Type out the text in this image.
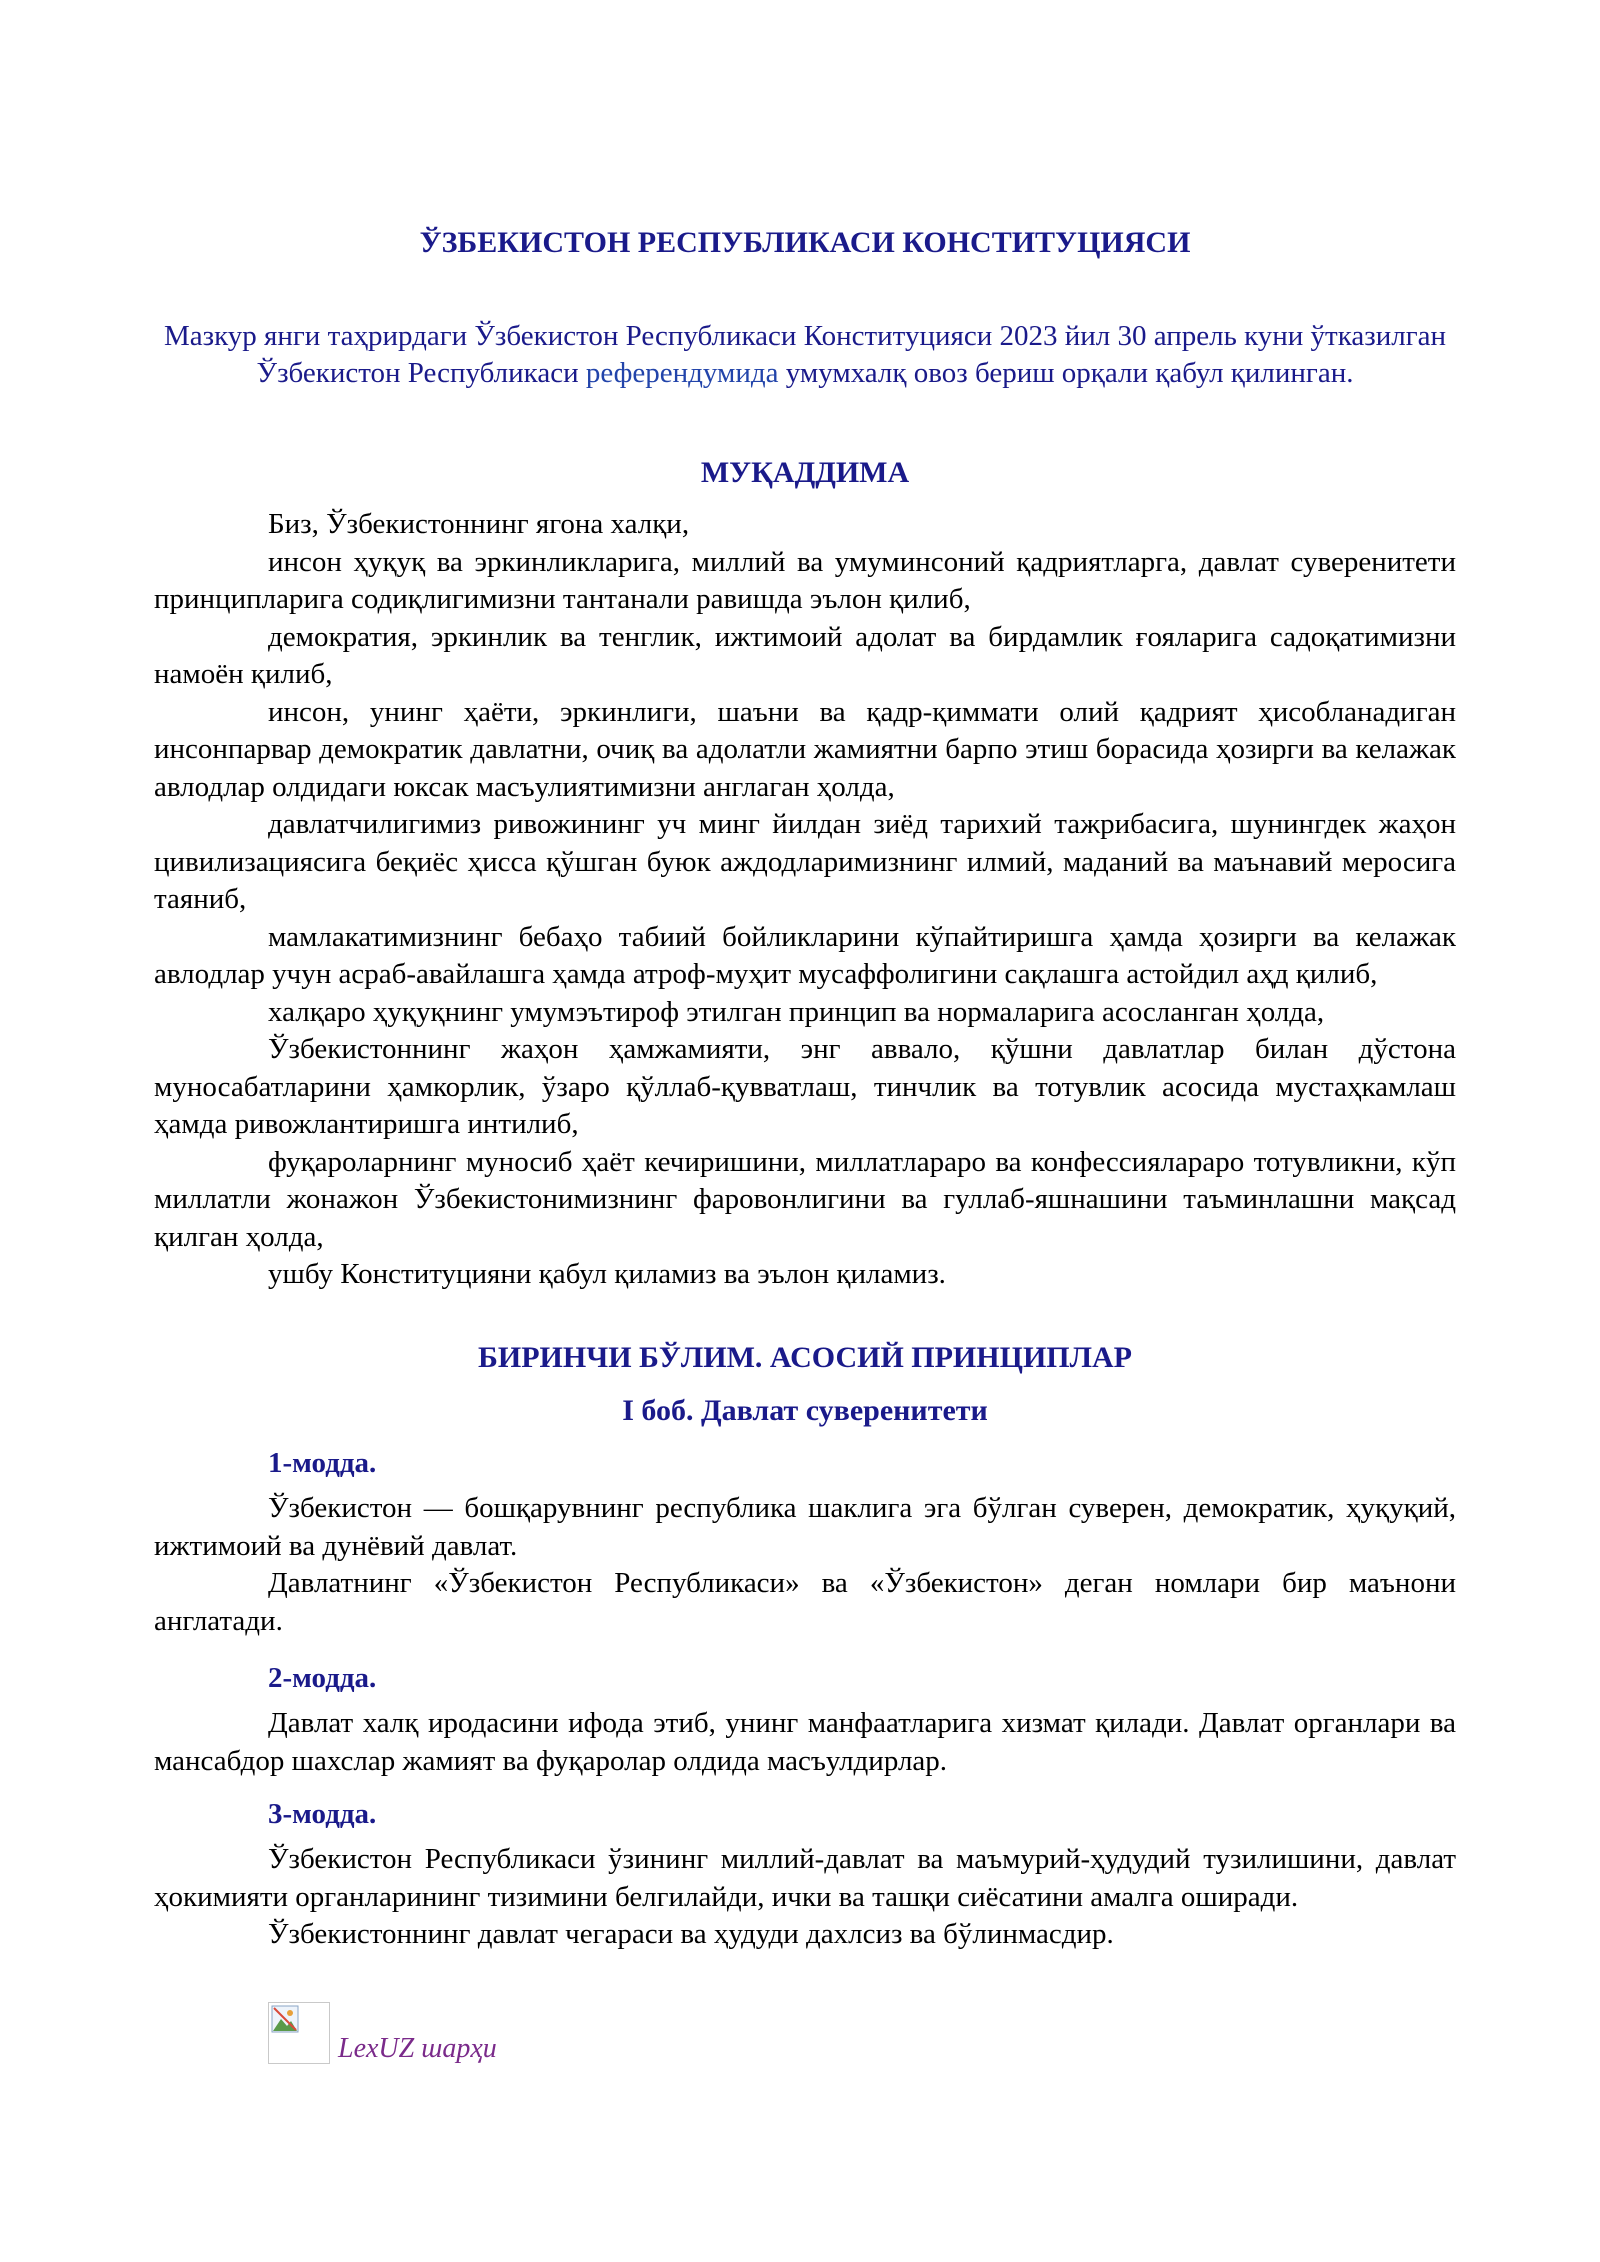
ЎЗБЕКИСТОН РЕСПУБЛИКАСИ КОНСТИТУЦИЯСИ
Мазкур янги таҳрирдаги Ўзбекистон Республикаси Конституцияси 2023 йил 30 апрель куни ўтказилган Ўзбекистон Республикаси референдумида умумхалқ овоз бериш орқали қабул қилинган.
МУҚАДДИМА

Биз, Ўзбекистоннинг ягона халқи,

инсон ҳуқуқ ва эркинликларига, миллий ва умуминсоний қадриятларга, давлат суверенитети принципларига содиқлигимизни тантанали равишда эълон қилиб,

демократия, эркинлик ва тенглик, ижтимоий адолат ва бирдамлик ғояларига садоқатимизни намоён қилиб,

инсон, унинг ҳаёти, эркинлиги, шаъни ва қадр-қиммати олий қадрият ҳисобланадиган инсонпарвар демократик давлатни, очиқ ва адолатли жамиятни барпо этиш борасида ҳозирги ва келажак авлодлар олдидаги юксак масъулиятимизни англаган ҳолда,

давлатчилигимиз ривожининг уч минг йилдан зиёд тарихий тажрибасига, шунингдек жаҳон цивилизациясига беқиёс ҳисса қўшган буюк аждодларимизнинг илмий, маданий ва маънавий меросига таяниб,

мамлакатимизнинг бебаҳо табиий бойликларини кўпайтиришга ҳамда ҳозирги ва келажак авлодлар учун асраб-авайлашга ҳамда атроф-муҳит мусаффолигини сақлашга астойдил аҳд қилиб,

халқаро ҳуқуқнинг умумэътироф этилган принцип ва нормаларига асосланган ҳолда,

Ўзбекистоннинг жаҳон ҳамжамияти, энг аввало, қўшни давлатлар билан дўстона муносабатларини ҳамкорлик, ўзаро қўллаб-қувватлаш, тинчлик ва тотувлик асосида мустаҳкамлаш ҳамда ривожлантиришга интилиб,

фуқароларнинг муносиб ҳаёт кечиришини, миллатлараро ва конфессиялараро тотувликни, кўп миллатли жонажон Ўзбекистонимизнинг фаровонлигини ва гуллаб-яшнашини таъминлашни мақсад қилган ҳолда,

ушбу Конституцияни қабул қиламиз ва эълон қиламиз.

БИРИНЧИ БЎЛИМ. АСОСИЙ ПРИНЦИПЛАР
I боб. Давлат суверенитети
1-модда.

Ўзбекистон — бошқарувнинг республика шаклига эга бўлган суверен, демократик, ҳуқуқий, ижтимоий ва дунёвий давлат.

Давлатнинг «Ўзбекистон Республикаси» ва «Ўзбекистон» деган номлари бир маънони англатади.

2-модда.

Давлат халқ иродасини ифода этиб, унинг манфаатларига хизмат қилади. Давлат органлари ва мансабдор шахслар жамият ва фуқаролар олдида масъулдирлар.

3-модда.

Ўзбекистон Республикаси ўзининг миллий-давлат ва маъмурий-ҳудудий тузилишини, давлат ҳокимияти органларининг тизимини белгилайди, ички ва ташқи сиёсатини амалга оширади.

Ўзбекистоннинг давлат чегараси ва ҳудуди дахлсиз ва бўлинмасдир.

LexUZ шарҳи
